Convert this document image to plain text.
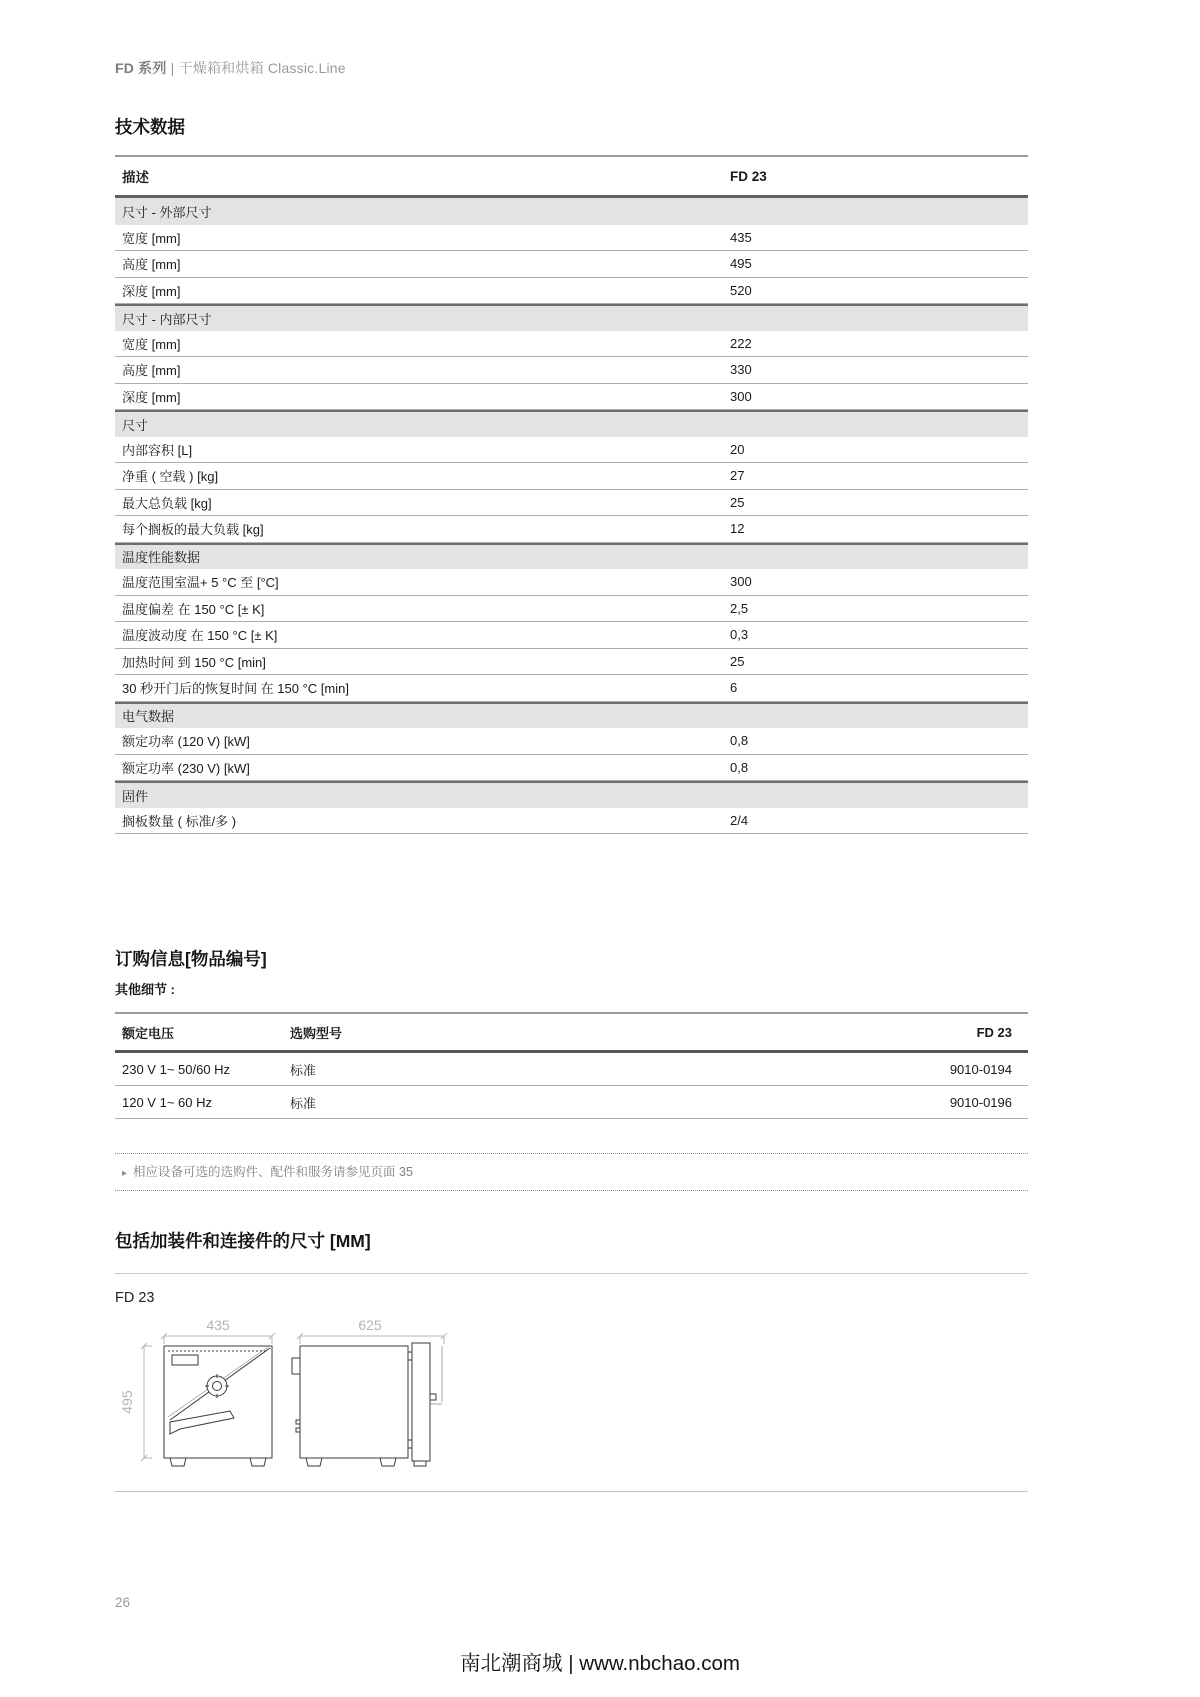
FD 系列 | 干燥箱和烘箱 Classic.Line
技术数据
描述	FD 23
尺寸 - 外部尺寸
宽度 [mm]	435
高度 [mm]	495
深度 [mm]	520
尺寸 - 内部尺寸
宽度 [mm]	222
高度 [mm]	330
深度 [mm]	300
尺寸
内部容积 [L]	20
净重 ( 空载 ) [kg]	27
最大总负载 [kg]	25
每个搁板的最大负载 [kg]	12
温度性能数据
温度范围室温+ 5 °C 至 [°C]	300
温度偏差 在 150 °C [± K]	2,5
温度波动度 在 150 °C [± K]	0,3
加热时间 到 150 °C [min]	25
30 秒开门后的恢复时间 在 150 °C [min]	6
电气数据
额定功率 (120 V) [kW]	0,8
额定功率 (230 V) [kW]	0,8
固件
搁板数量 ( 标准/多 )	2/4
订购信息[物品编号]
其他细节 :
额定电压	选购型号	FD 23
230 V 1~ 50/60 Hz	标准	9010-0194
120 V 1~ 60 Hz	标准	9010-0196
▸ 相应设备可选的选购件、配件和服务请参见页面 35
包括加装件和连接件的尺寸 [MM]
FD 23
435
495
625
26
南北潮商城 | www.nbchao.com
